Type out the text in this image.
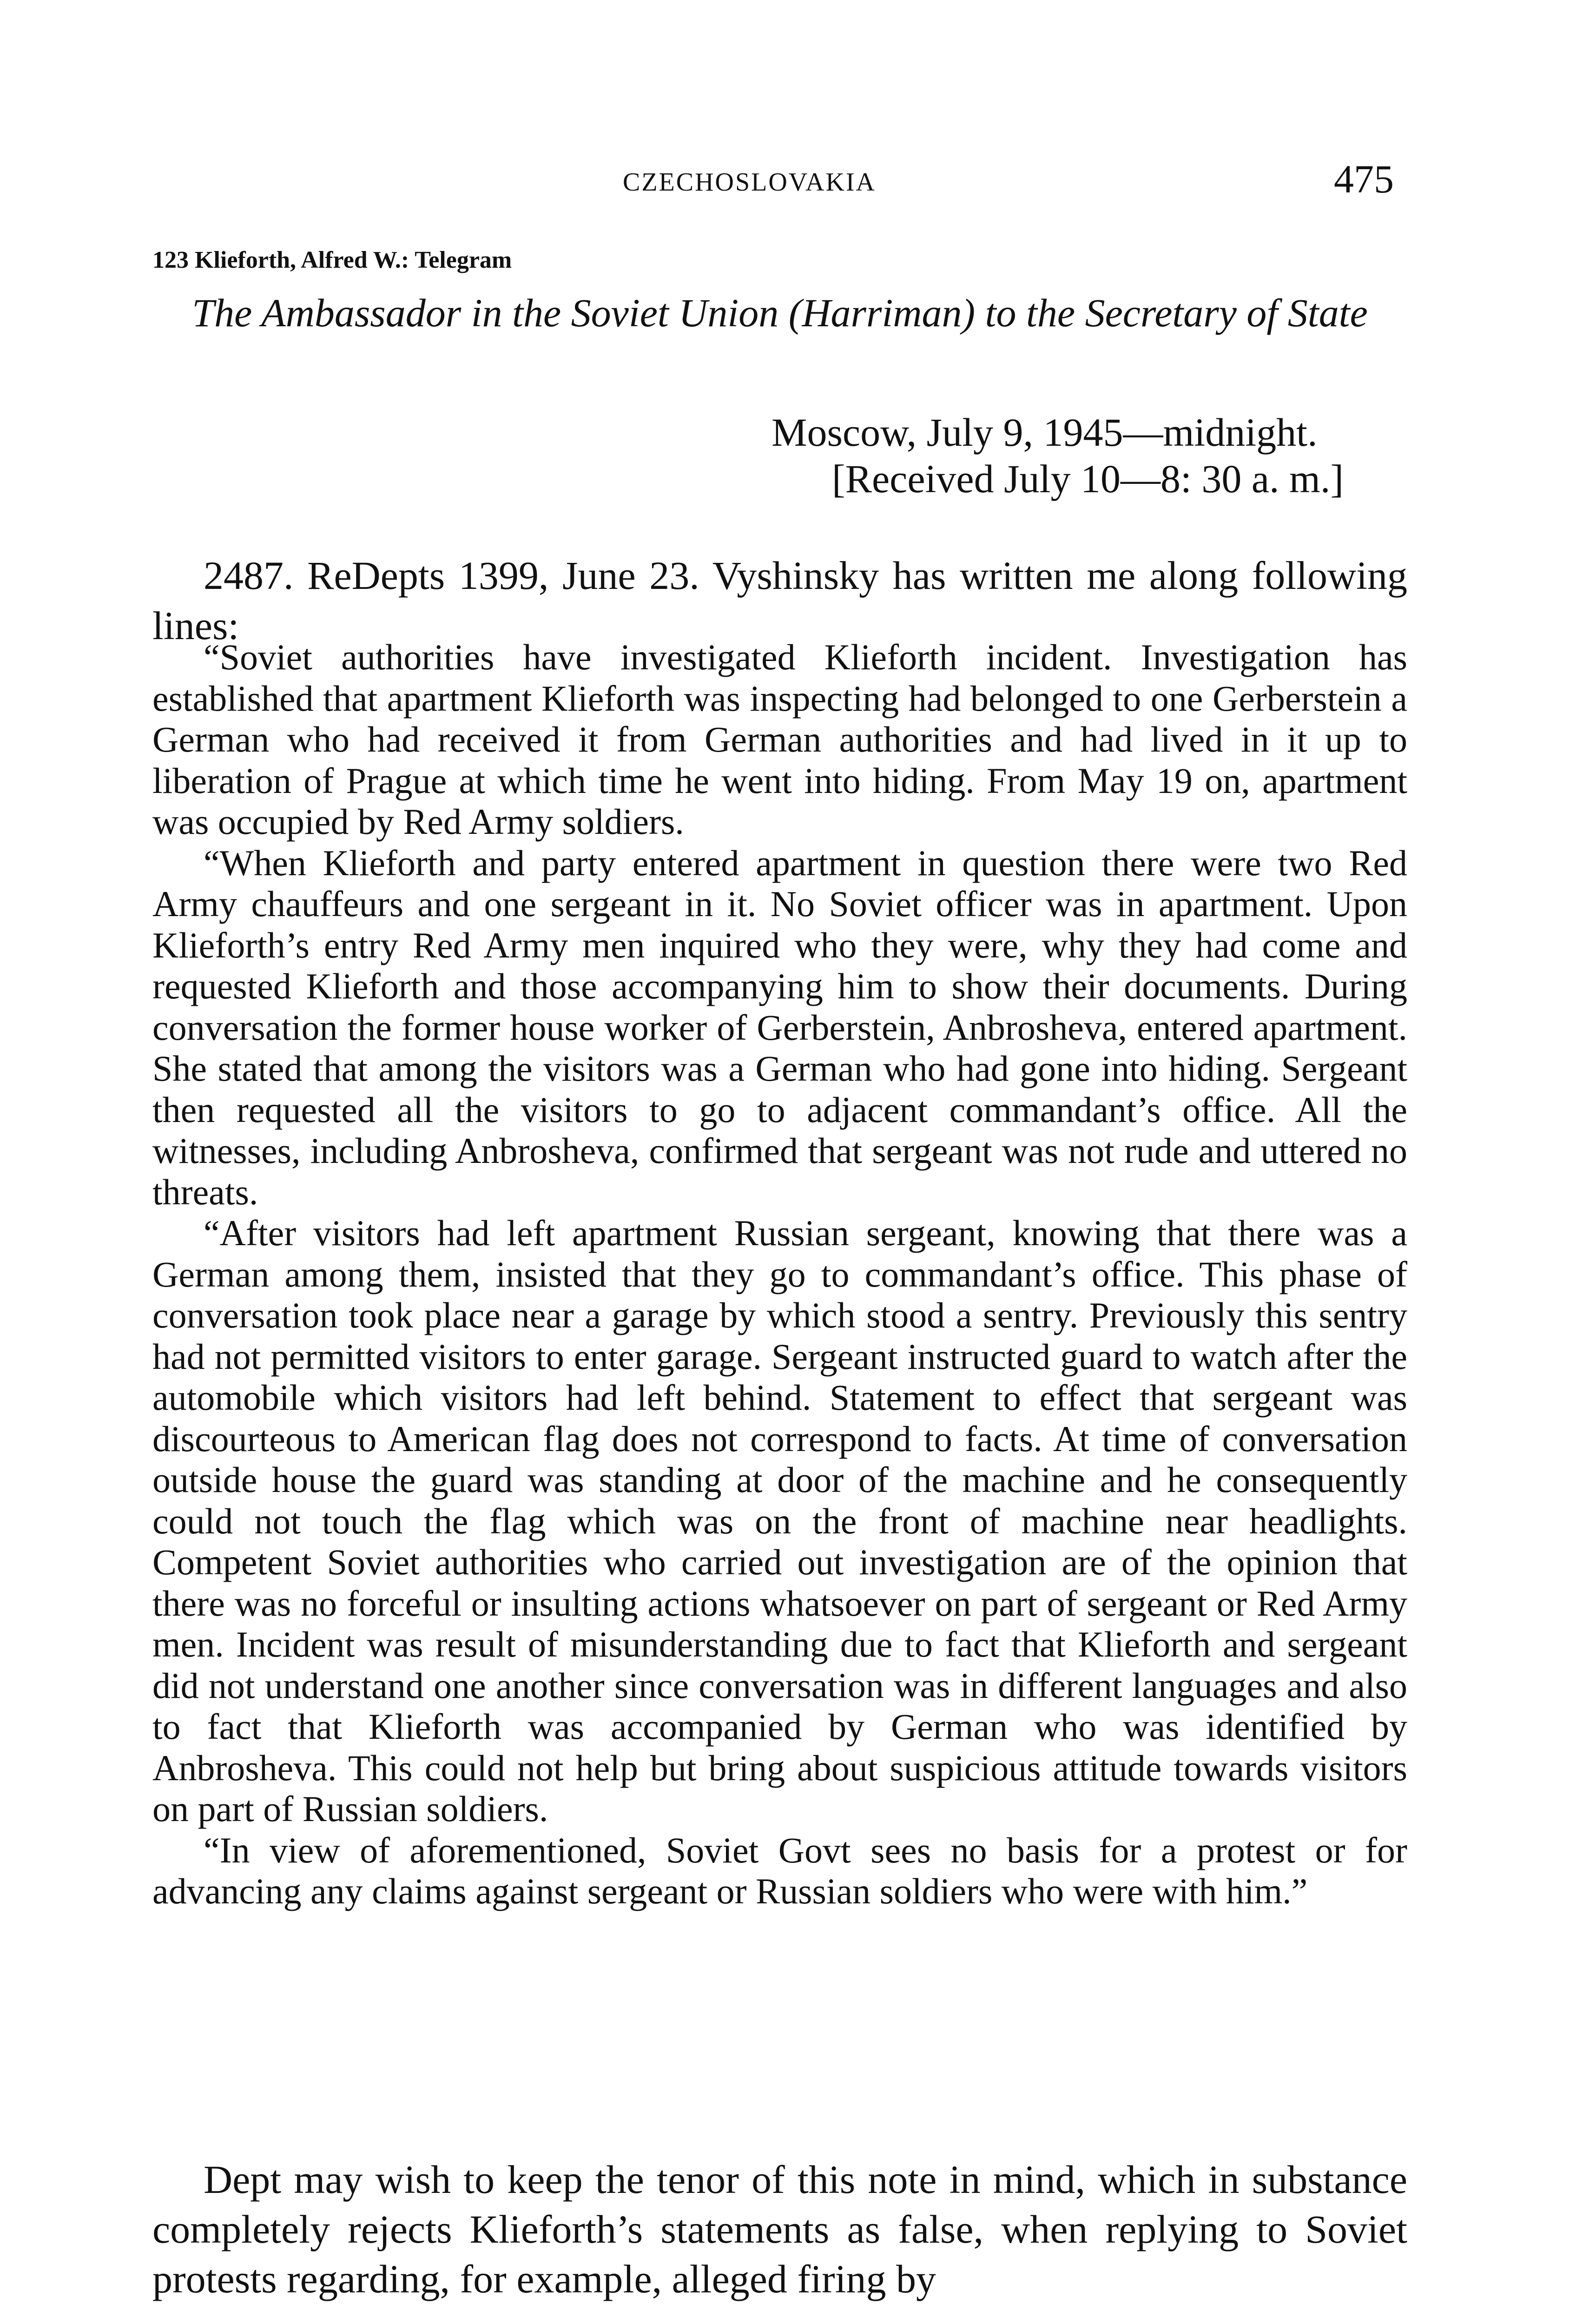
CZECHOSLOVAKIA	475
123 Klieforth, Alfred W.: Telegram
The Ambassador in the Soviet Union (Harriman) to the Secretary of State
Moscow, July 9, 1945—midnight.
[Received July 10—8: 30 a. m.]

2487. ReDepts 1399, June 23. Vyshinsky has written me along following lines:

“Soviet authorities have investigated Klieforth incident. Investigation has established that apartment Klieforth was inspecting had belonged to one Gerberstein a German who had received it from German authorities and had lived in it up to liberation of Prague at which time he went into hiding. From May 19 on, apartment was occupied by Red Army soldiers.

“When Klieforth and party entered apartment in question there were two Red Army chauffeurs and one sergeant in it. No Soviet officer was in apartment. Upon Klieforth’s entry Red Army men inquired who they were, why they had come and requested Klieforth and those accompanying him to show their documents. During conversation the former house worker of Gerberstein, Anbrosheva, entered apartment. She stated that among the visitors was a German who had gone into hiding. Sergeant then requested all the visitors to go to adjacent commandant’s office. All the witnesses, including Anbrosheva, confirmed that sergeant was not rude and uttered no threats.

“After visitors had left apartment Russian sergeant, knowing that there was a German among them, insisted that they go to commandant’s office. This phase of conversation took place near a garage by which stood a sentry. Previously this sentry had not permitted visitors to enter garage. Sergeant instructed guard to watch after the automobile which visitors had left behind. Statement to effect that sergeant was discourteous to American flag does not correspond to facts. At time of conversation outside house the guard was standing at door of the machine and he consequently could not touch the flag which was on the front of machine near headlights. Competent Soviet authorities who carried out investigation are of the opinion that there was no forceful or insulting actions whatsoever on part of sergeant or Red Army men. Incident was result of misunderstanding due to fact that Klieforth and sergeant did not understand one another since conversation was in different languages and also to fact that Klieforth was accompanied by German who was identified by Anbrosheva. This could not help but bring about suspicious attitude towards visitors on part of Russian soldiers.

“In view of aforementioned, Soviet Govt sees no basis for a protest or for advancing any claims against sergeant or Russian soldiers who were with him.”

Dept may wish to keep the tenor of this note in mind, which in substance completely rejects Klieforth’s statements as false, when replying to Soviet protests regarding, for example, alleged firing by
